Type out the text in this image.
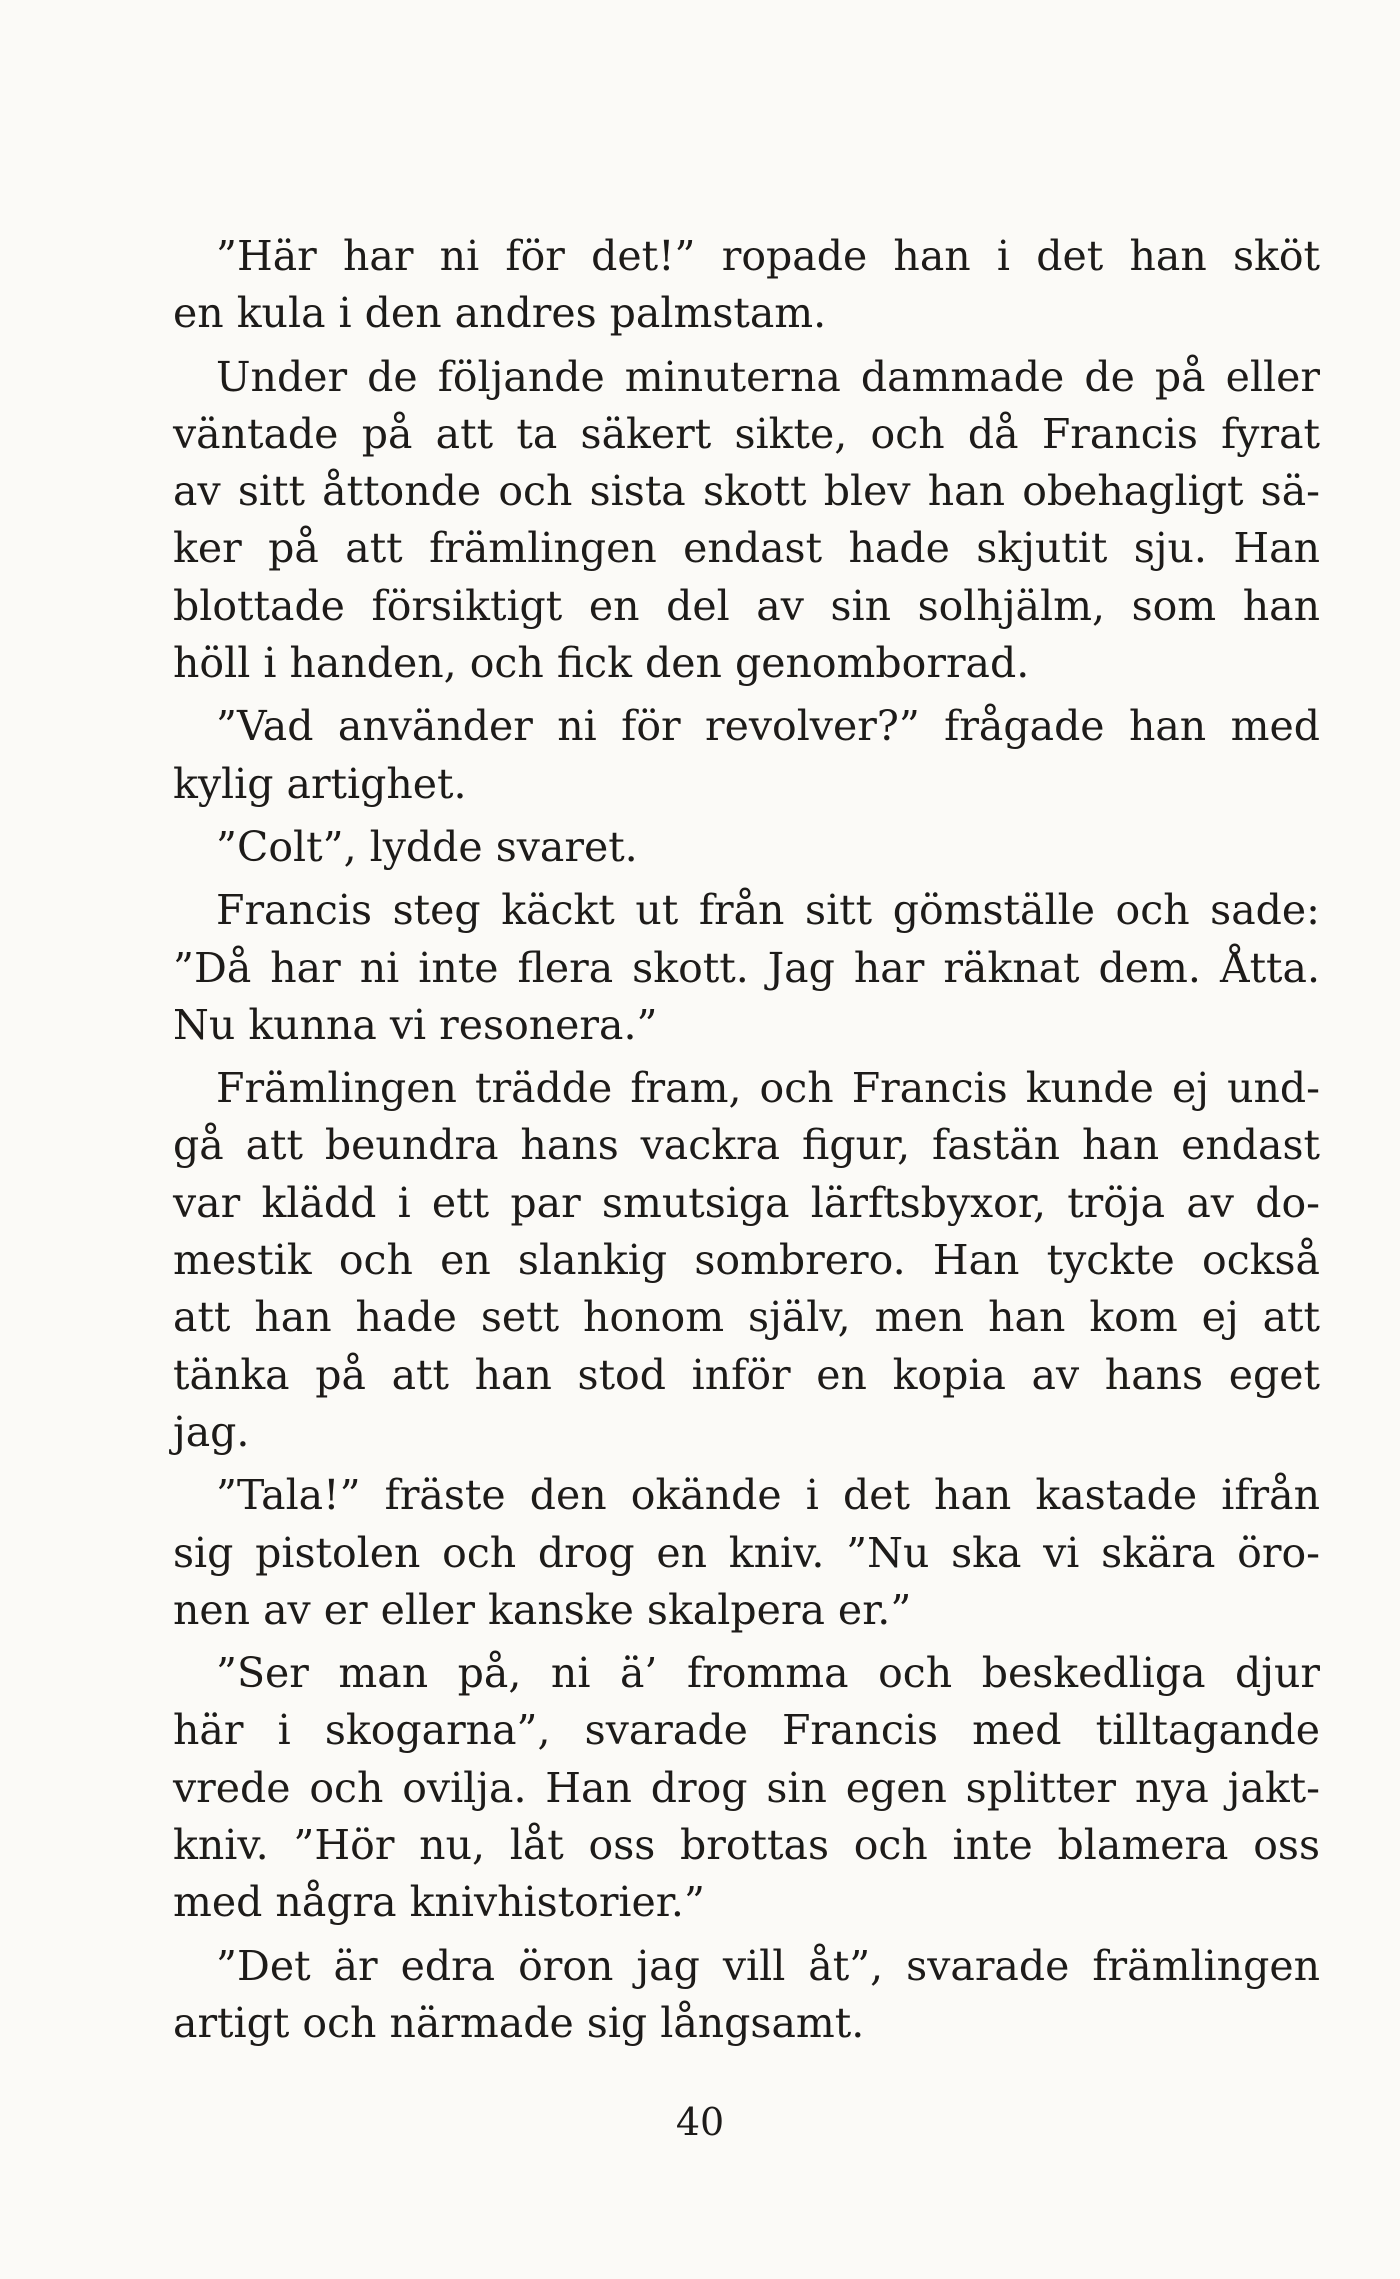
”Här har ni för det!” ropade han i det han sköt
en kula i den andres palmstam.

Under de följande minuterna dammade de på eller
väntade på att ta säkert sikte, och då Francis fyrat
av sitt åttonde och sista skott blev han obehagligt sä-
ker på att främlingen endast hade skjutit sju. Han
blottade försiktigt en del av sin solhjälm, som han
höll i handen, och fick den genomborrad.

”Vad använder ni för revolver?” frågade han med
kylig artighet.

”Colt”, lydde svaret.

Francis steg käckt ut från sitt gömställe och sade:
”Då har ni inte flera skott. Jag har räknat dem. Åtta.
Nu kunna vi resonera.”

Främlingen trädde fram, och Francis kunde ej und-
gå att beundra hans vackra figur, fastän han endast
var klädd i ett par smutsiga lärftsbyxor, tröja av do-
mestik och en slankig sombrero. Han tyckte också
att han hade sett honom själv, men han kom ej att
tänka på att han stod inför en kopia av hans eget
jag.

”Tala!” fräste den okände i det han kastade ifrån
sig pistolen och drog en kniv. ”Nu ska vi skära öro-
nen av er eller kanske skalpera er.”

”Ser man på, ni ä’ fromma och beskedliga djur
här i skogarna”, svarade Francis med tilltagande
vrede och ovilja. Han drog sin egen splitter nya jakt-
kniv. ”Hör nu, låt oss brottas och inte blamera oss
med några knivhistorier.”

”Det är edra öron jag vill åt”, svarade främlingen
artigt och närmade sig långsamt.

40
